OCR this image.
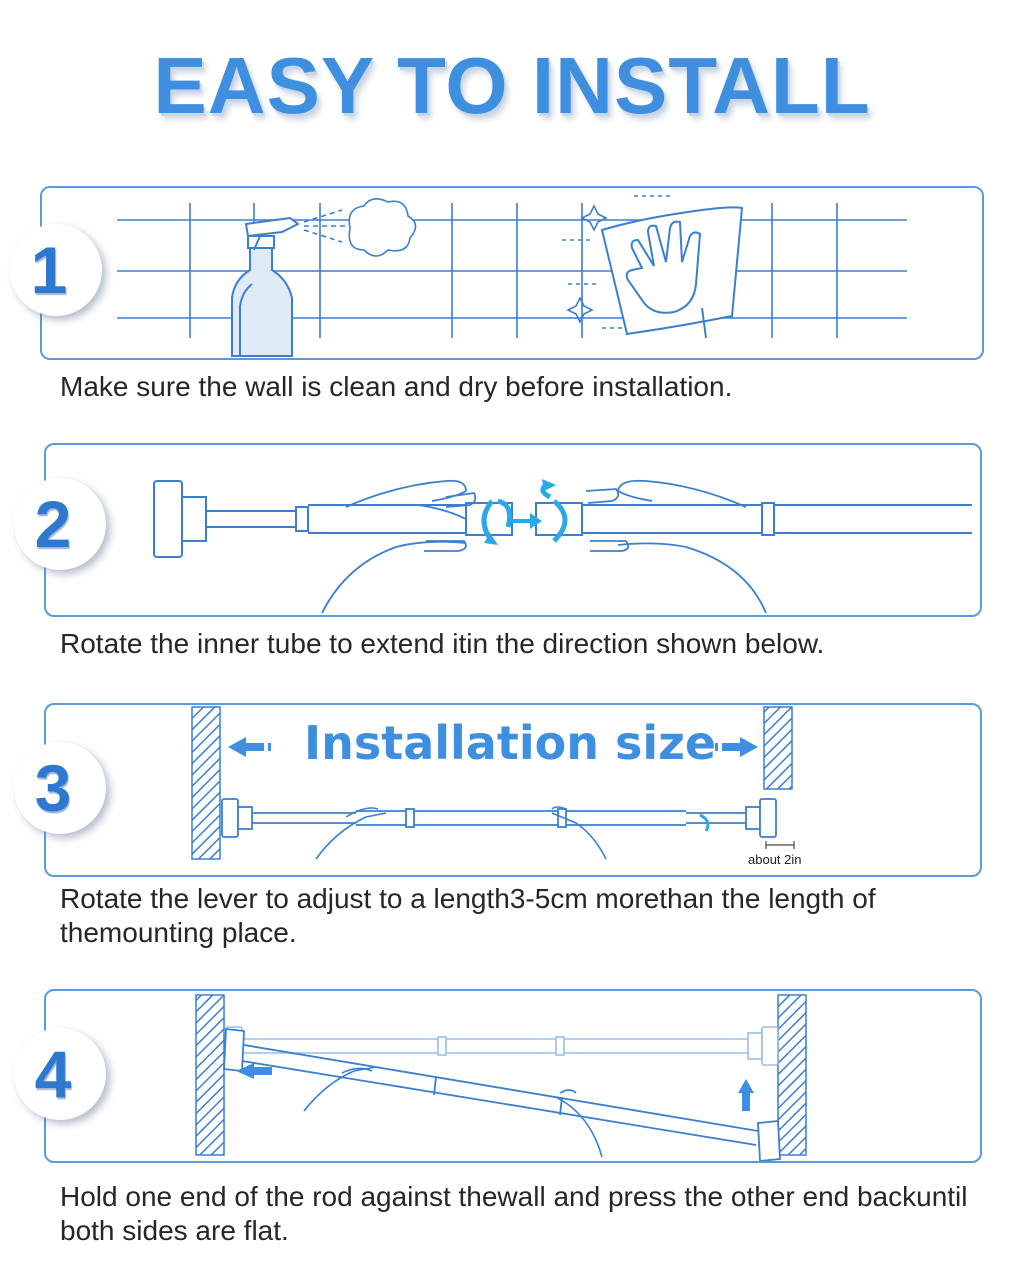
EASY TO INSTALL
1
Make sure the wall is clean and dry before installation.
2
Rotate the inner tube to extend itin the direction shown below.
Installation size
about 2in
3
Rotate the lever to adjust to a length3-5cm morethan the length of themounting place.
4
Hold one end of the rod against thewall and press the other end backuntil both sides are flat.
